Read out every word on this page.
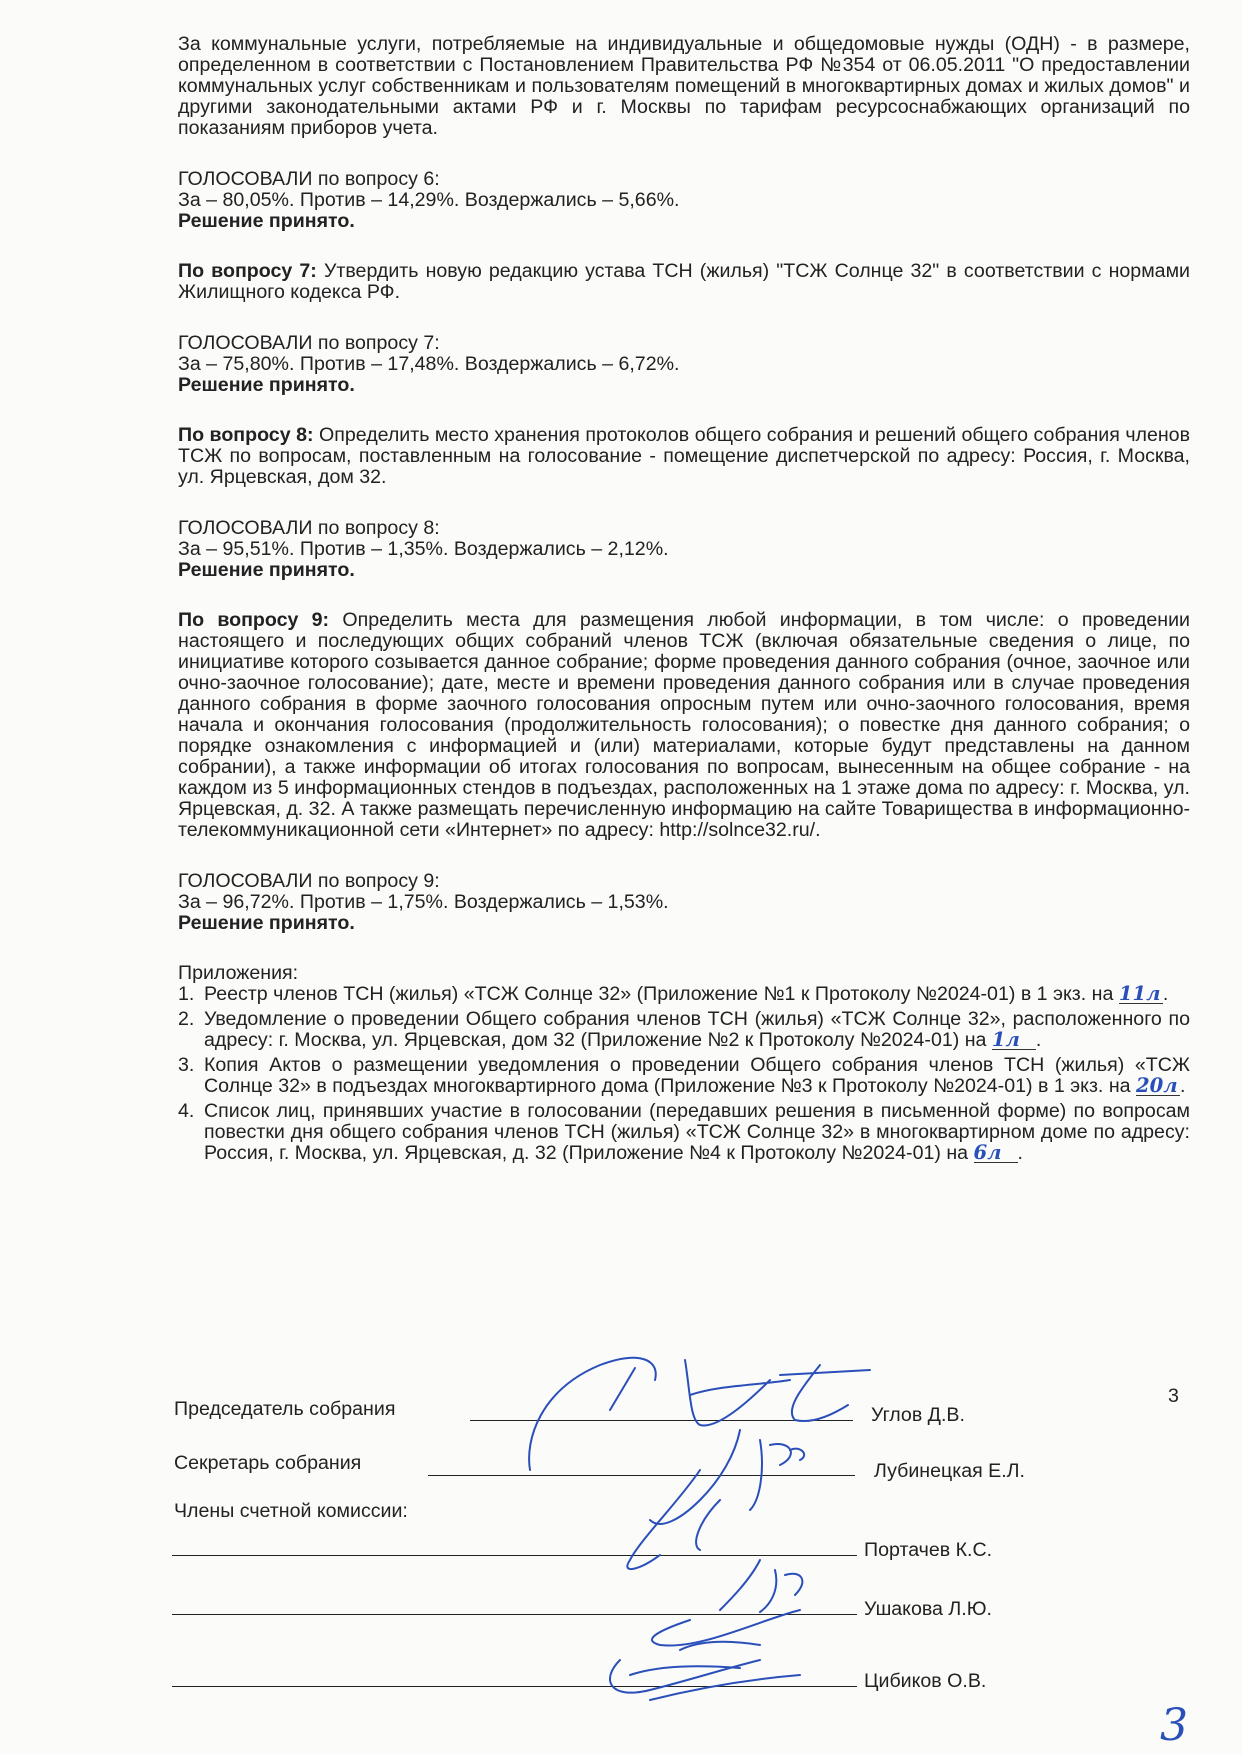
За коммунальные услуги, потребляемые на индивидуальные и общедомовые нужды (ОДН) - в размере, определенном в соответствии с Постановлением Правительства РФ №354 от 06.05.2011 "О предоставлении коммунальных услуг собственникам и пользователям помещений в многоквартирных домах и жилых домов" и другими законодательными актами РФ и г. Москвы по тарифам ресурсоснабжающих организаций по показаниям приборов учета.

ГОЛОСОВАЛИ по вопросу 6:

За – 80,05%. Против – 14,29%. Воздержались – 5,66%.

Решение принято.

По вопросу 7: Утвердить новую редакцию устава ТСН (жилья) "ТСЖ Солнце 32" в соответствии с нормами Жилищного кодекса РФ.

ГОЛОСОВАЛИ по вопросу 7:

За – 75,80%. Против – 17,48%. Воздержались – 6,72%.

Решение принято.

По вопросу 8: Определить место хранения протоколов общего собрания и решений общего собрания членов ТСЖ по вопросам, поставленным на голосование - помещение диспетчерской по адресу: Россия, г. Москва, ул. Ярцевская, дом 32.

ГОЛОСОВАЛИ по вопросу 8:

За – 95,51%. Против – 1,35%. Воздержались – 2,12%.

Решение принято.

По вопросу 9: Определить места для размещения любой информации, в том числе: о проведении настоящего и последующих общих собраний членов ТСЖ (включая обязательные сведения о лице, по инициативе которого созывается данное собрание; форме проведения данного собрания (очное, заочное или очно-заочное голосование); дате, месте и времени проведения данного собрания или в случае проведения данного собрания в форме заочного голосования опросным путем или очно-заочного голосования, время начала и окончания голосования (продолжительность голосования); о повестке дня данного собрания; о порядке ознакомления с информацией и (или) материалами, которые будут представлены на данном собрании), а также информации об итогах голосования по вопросам, вынесенным на общее собрание - на каждом из 5 информационных стендов в подъездах, расположенных на 1 этаже дома по адресу: г. Москва, ул. Ярцевская, д. 32. А также размещать перечисленную информацию на сайте Товарищества в информационно-телекоммуникационной сети «Интернет» по адресу: http://solnce32.ru/.

ГОЛОСОВАЛИ по вопросу 9:

За – 96,72%. Против – 1,75%. Воздержались – 1,53%.

Решение принято.

Приложения:

1. Реестр членов ТСН (жилья) «ТСЖ Солнце 32» (Приложение №1 к Протоколу №2024-01) в 1 экз. на 11л .
2. Уведомление о проведении Общего собрания членов ТСН (жилья) «ТСЖ Солнце 32», расположенного по адресу: г. Москва, ул. Ярцевская, дом 32 (Приложение №2 к Протоколу №2024-01) на 1л .
3. Копия Актов о размещении уведомления о проведении Общего собрания членов ТСН (жилья) «ТСЖ Солнце 32» в подъездах многоквартирного дома (Приложение №3 к Протоколу №2024-01) в 1 экз. на 20л .
4. Список лиц, принявших участие в голосовании (передавших решения в письменной форме) по вопросам повестки дня общего собрания членов ТСН (жилья) «ТСЖ Солнце 32» в многоквартирном доме по адресу: Россия, г. Москва, ул. Ярцевская, д. 32 (Приложение №4 к Протоколу №2024-01) на 6л .
Председатель собрания	Углов Д.В.
Секретарь собрания	Лубинецкая Е.Л.
Члены счетной комиссии:
Портачев К.С.
Ушакова Л.Ю.
Цибиков О.В.
3
3
